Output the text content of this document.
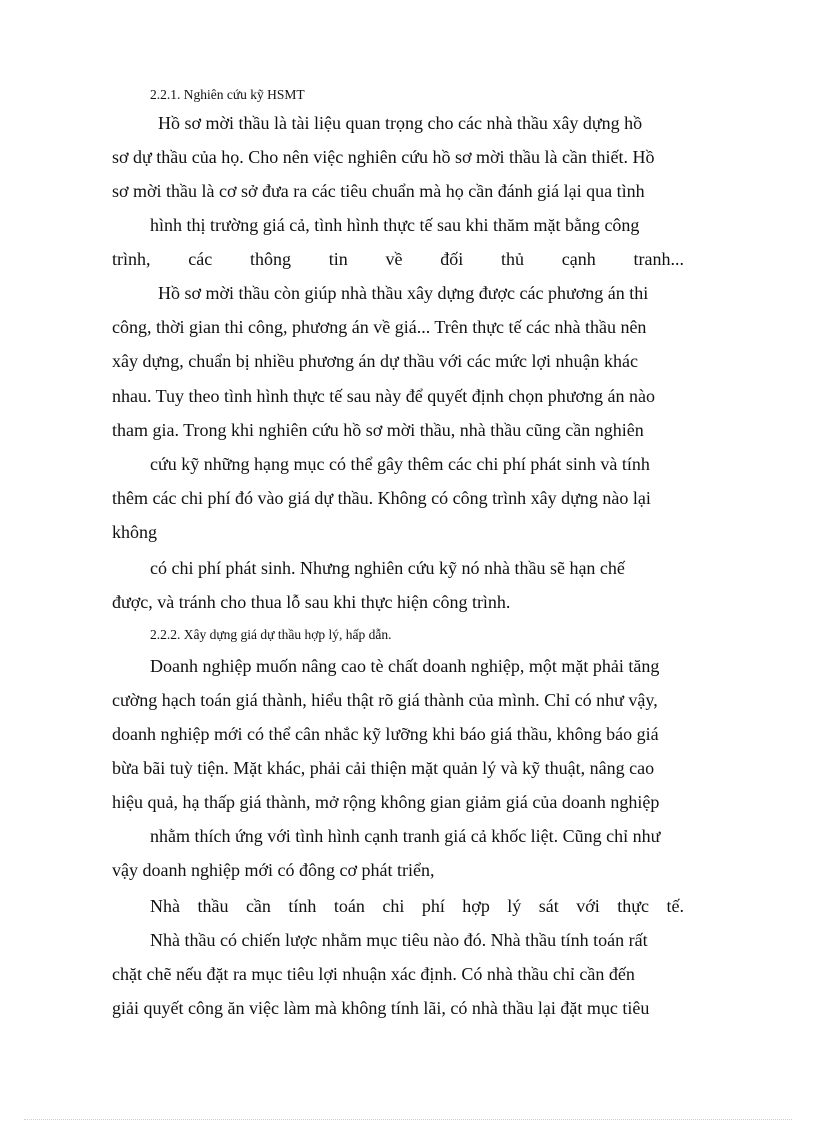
2.2.1. Nghiên cứu kỹ HSMT
Hồ sơ mời thầu là tài liệu quan trọng cho các nhà thầu xây dựng hồ
sơ dự thầu của họ. Cho nên việc nghiên cứu hồ sơ mời thầu là cần thiết. Hồ
sơ mời thầu là cơ sở đưa ra các tiêu chuẩn mà họ cần đánh giá lại qua tình
hình thị trường giá cả, tình hình thực tế sau khi thăm mặt bằng công
trình, các thông tin về đối thủ cạnh tranh...
Hồ sơ mời thầu còn giúp nhà thầu xây dựng được các phương án thi
công, thời gian thi công, phương án về giá... Trên thực tế các nhà thầu nên
xây dựng, chuẩn bị nhiều phương án dự thầu với các mức lợi nhuận khác
nhau. Tuy theo tình hình thực tế sau này để quyết định chọn phương án nào
tham gia. Trong khi nghiên cứu hồ sơ mời thầu, nhà thầu cũng cần nghiên
cứu kỹ những hạng mục có thể gây thêm các chi phí phát sinh và tính
thêm các chi phí đó vào giá dự thầu. Không có công trình xây dựng nào lại
không
có chi phí phát sinh. Nhưng nghiên cứu kỹ nó nhà thầu sẽ hạn chế
được, và tránh cho thua lỗ sau khi thực hiện công trình.
2.2.2. Xây dựng giá dự thầu hợp lý, hấp dẫn.
Doanh nghiệp muốn nâng cao tè chất doanh nghiệp, một mặt phải tăng
cường hạch toán giá thành, hiểu thật rõ giá thành của mình. Chỉ có như vậy,
doanh nghiệp mới có thể cân nhắc kỹ lưỡng khi báo giá thầu, không báo giá
bừa bãi tuỳ tiện. Mặt khác, phải cải thiện mặt quản lý và kỹ thuật, nâng cao
hiệu quả, hạ thấp giá thành, mở rộng không gian giảm giá của doanh nghiệp
nhằm thích ứng với tình hình cạnh tranh giá cả khốc liệt. Cũng chỉ như
vậy doanh nghiệp mới có đông cơ phát triển,
Nhà thầu cần tính toán chi phí hợp lý sát với thực tế.
Nhà thầu có chiến lược nhằm mục tiêu nào đó. Nhà thầu tính toán rất
chặt chẽ nếu đặt ra mục tiêu lợi nhuận xác định. Có nhà thầu chỉ cần đến
giải quyết công ăn việc làm mà không tính lãi, có nhà thầu lại đặt mục tiêu
